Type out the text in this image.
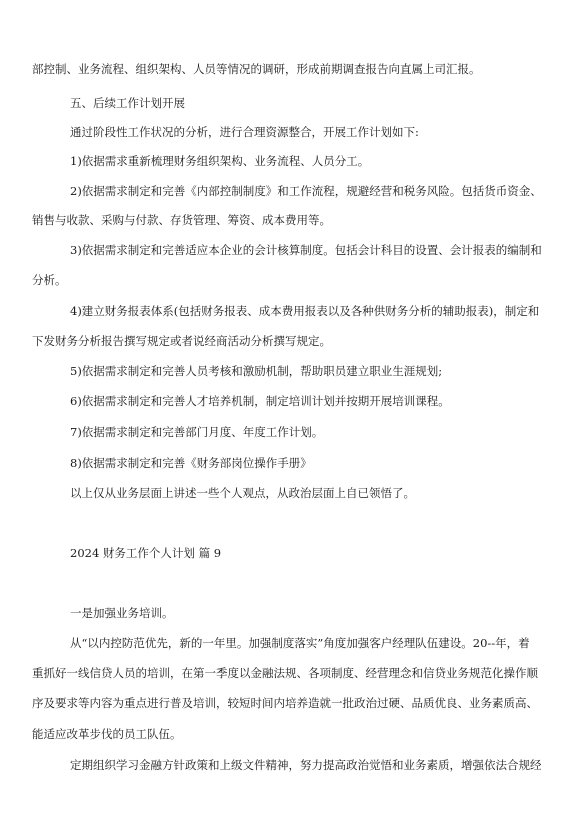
部控制、业务流程、组织架构、人员等情况的调研，形成前期调查报告向直属上司汇报。
五、后续工作计划开展
通过阶段性工作状况的分析，进行合理资源整合，开展工作计划如下:
1)依据需求重新梳理财务组织架构、业务流程、人员分工。
2)依据需求制定和完善《内部控制制度》和工作流程，规避经营和税务风险。包括货币资金、
销售与收款、采购与付款、存货管理、筹资、成本费用等。
3)依据需求制定和完善适应本企业的会计核算制度。包括会计科目的设置、会计报表的编制和
分析。
4)建立财务报表体系(包括财务报表、成本费用报表以及各种供财务分析的辅助报表)，制定和
下发财务分析报告撰写规定或者说经商活动分析撰写规定。
5)依据需求制定和完善人员考核和激励机制，帮助职员建立职业生涯规划;
6)依据需求制定和完善人才培养机制，制定培训计划并按期开展培训课程。
7)依据需求制定和完善部门月度、年度工作计划。
8)依据需求制定和完善《财务部岗位操作手册》
以上仅从业务层面上讲述一些个人观点，从政治层面上自已领悟了。
2024 财务工作个人计划 篇 9
一是加强业务培训。
从“以内控防范优先，新的一年里。加强制度落实”角度加强客户经理队伍建设。20--年，着
重抓好一线信贷人员的培训，在第一季度以金融法规、各项制度、经营理念和信贷业务规范化操作顺
序及要求等内容为重点进行普及培训，较短时间内培养造就一批政治过硬、品质优良、业务素质高、
能适应改革步伐的员工队伍。
定期组织学习金融方针政策和上级文件精神，努力提高政治觉悟和业务素质，增强依法合规经
